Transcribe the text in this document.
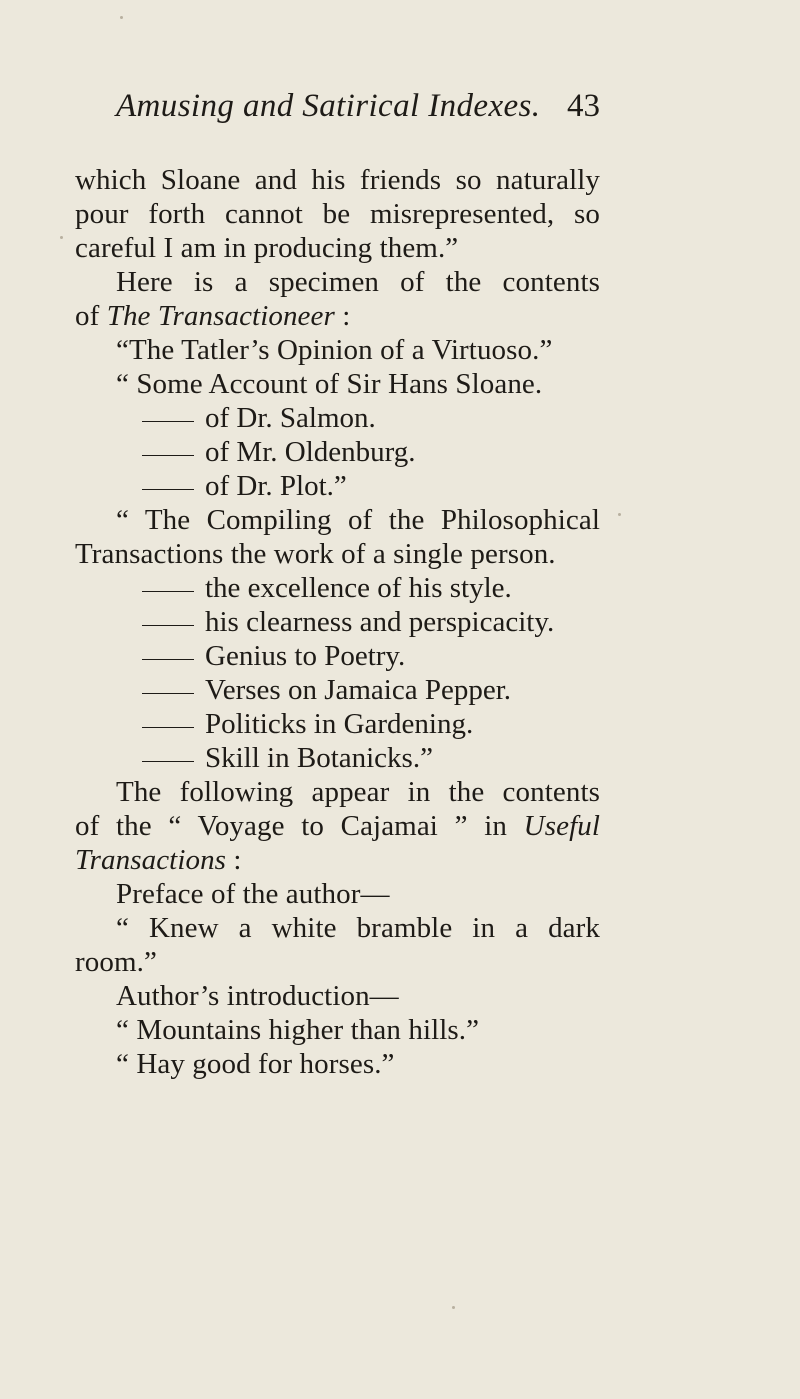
Amusing and Satirical Indexes. 43
which Sloane and his friends so naturally
pour forth cannot be misrepresented, so
careful I am in producing them.”
Here is a specimen of the contents
of The Transactioneer :
“The Tatler’s Opinion of a Virtuoso.”
“ Some Account of Sir Hans Sloane.
of Dr. Salmon.
of Mr. Oldenburg.
of Dr. Plot.”
“ The Compiling of the Philosophical
Transactions the work of a single person.
the excellence of his style.
his clearness and perspicacity.
Genius to Poetry.
Verses on Jamaica Pepper.
Politicks in Gardening.
Skill in Botanicks.”
The following appear in the contents
of the “ Voyage to Cajamai ” in Useful
Transactions :
Preface of the author—
“ Knew a white bramble in a dark
room.”
Author’s introduction—
“ Mountains higher than hills.”
“ Hay good for horses.”
